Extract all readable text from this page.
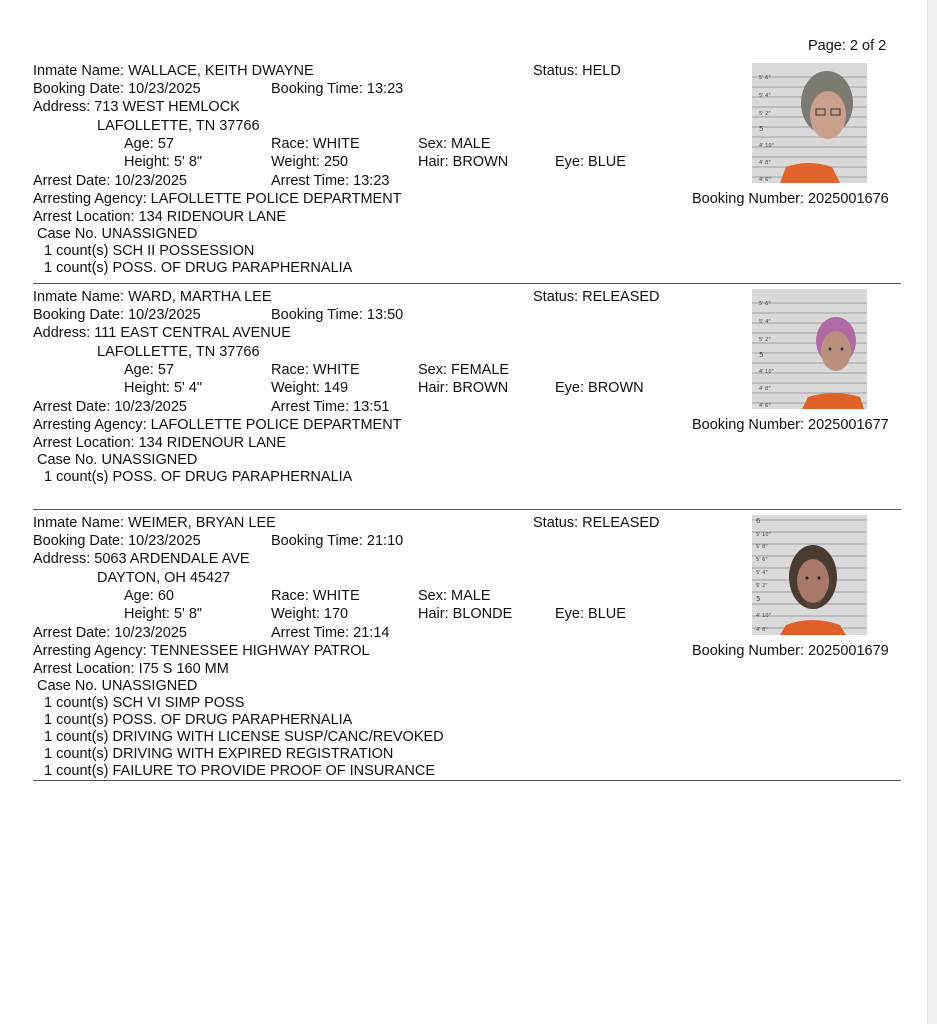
Page: 2 of 2
Inmate Name: WALLACE, KEITH DWAYNE	Status: HELD
Booking Date: 10/23/2025	Booking Time: 13:23
Address: 713 WEST HEMLOCK
LAFOLLETTE, TN 37766
Age: 57	Race: WHITE	Sex: MALE
Height: 5' 8"	Weight: 250	Hair: BROWN	Eye: BLUE
Arrest Date: 10/23/2025	Arrest Time: 13:23
Arresting Agency: LAFOLLETTE POLICE DEPARTMENT	Booking Number: 2025001676
Arrest Location: 134 RIDENOUR LANE
Case No. UNASSIGNED
1 count(s) SCH II POSSESSION
1 count(s) POSS. OF DRUG PARAPHERNALIA
5' 6"
5' 4"
5' 2"
5
4' 10"
4' 8"
4' 6"
Inmate Name: WARD, MARTHA LEE	Status: RELEASED
Booking Date: 10/23/2025	Booking Time: 13:50
Address: 111 EAST CENTRAL AVENUE
LAFOLLETTE, TN 37766
Age: 57	Race: WHITE	Sex: FEMALE
Height: 5' 4"	Weight: 149	Hair: BROWN	Eye: BROWN
Arrest Date: 10/23/2025	Arrest Time: 13:51
Arresting Agency: LAFOLLETTE POLICE DEPARTMENT	Booking Number: 2025001677
Arrest Location: 134 RIDENOUR LANE
Case No. UNASSIGNED
1 count(s) POSS. OF DRUG PARAPHERNALIA
5' 6"
5' 4"
5' 2"
5
4' 10"
4' 8"
4' 6"
Inmate Name: WEIMER, BRYAN LEE	Status: RELEASED
Booking Date: 10/23/2025	Booking Time: 21:10
Address: 5063 ARDENDALE AVE
DAYTON, OH 45427
Age: 60	Race: WHITE	Sex: MALE
Height: 5' 8"	Weight: 170	Hair: BLONDE	Eye: BLUE
Arrest Date: 10/23/2025	Arrest Time: 21:14
Arresting Agency: TENNESSEE HIGHWAY PATROL	Booking Number: 2025001679
Arrest Location: I75 S 160 MM
Case No. UNASSIGNED
1 count(s) SCH VI SIMP POSS
1 count(s) POSS. OF DRUG PARAPHERNALIA
1 count(s) DRIVING WITH LICENSE SUSP/CANC/REVOKED
1 count(s) DRIVING WITH EXPIRED REGISTRATION
1 count(s) FAILURE TO PROVIDE PROOF OF INSURANCE
6
5' 10"
5' 8"
5' 6"
5' 4"
5' 2"
5
4' 10"
4' 8"
